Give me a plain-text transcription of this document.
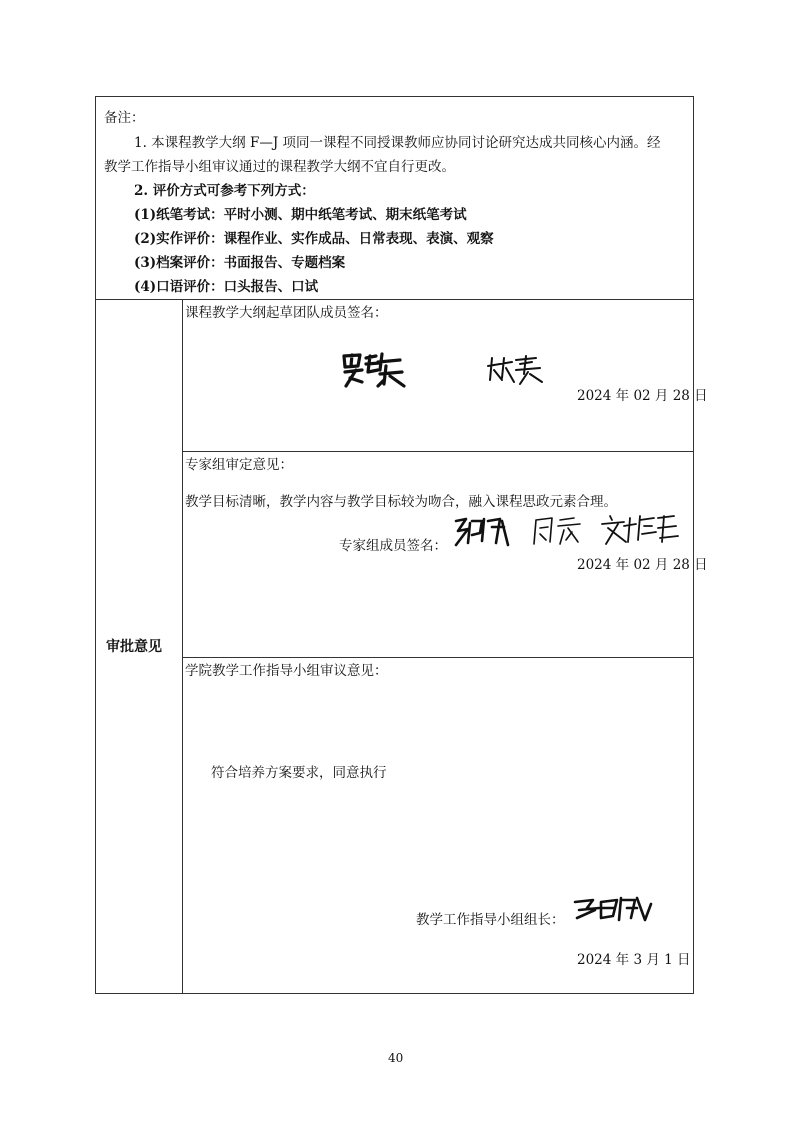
备注：
1. 本课程教学大纲 F—J 项同一课程不同授课教师应协同讨论研究达成共同核心内涵。经
教学工作指导小组审议通过的课程教学大纲不宜自行更改。
2. 评价方式可参考下列方式：
(1)纸笔考试：平时小测、期中纸笔考试、期末纸笔考试
(2)实作评价：课程作业、实作成品、日常表现、表演、观察
(3)档案评价：书面报告、专题档案
(4)口语评价：口头报告、口试
审批意见
课程教学大纲起草团队成员签名：
2024 年 02 月 28 日
专家组审定意见：
教学目标清晰，教学内容与教学目标较为吻合，融入课程思政元素合理。
专家组成员签名：
2024 年 02 月 28 日
学院教学工作指导小组审议意见：
符合培养方案要求，同意执行
教学工作指导小组组长：
2024 年 3 月 1 日
40
